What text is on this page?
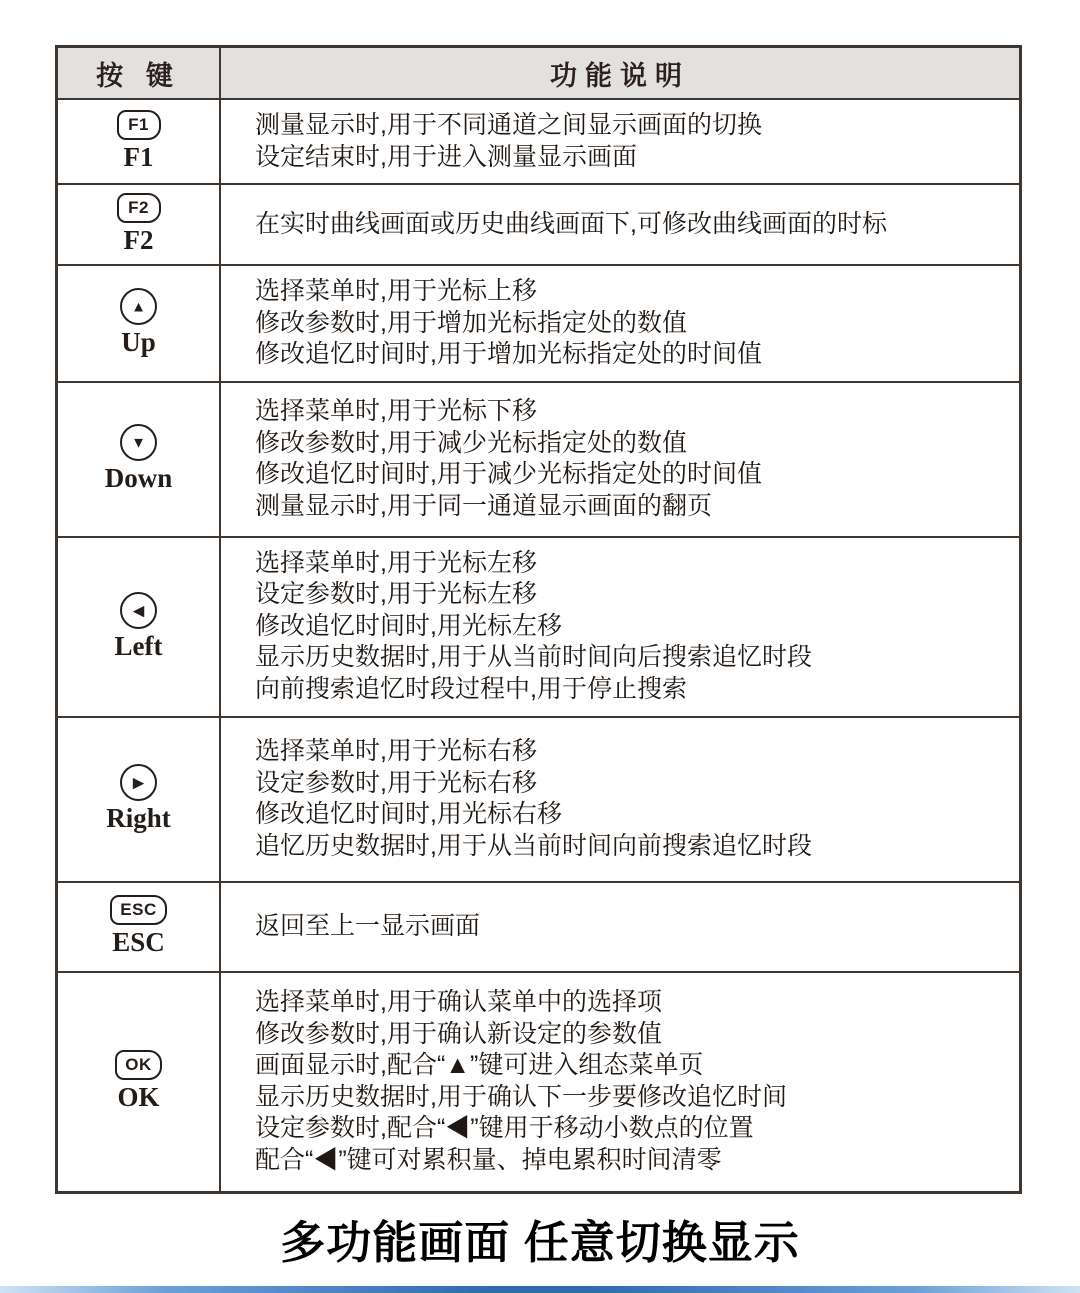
按 键	功能说明
F1
F1
测量显示时,用于不同通道之间显示画面的切换
设定结束时,用于进入测量显示画面
F2
F2
在实时曲线画面或历史曲线画面下,可修改曲线画面的时标
▲
Up
选择菜单时,用于光标上移
修改参数时,用于增加光标指定处的数值
修改追忆时间时,用于增加光标指定处的时间值
▼
Down
选择菜单时,用于光标下移
修改参数时,用于减少光标指定处的数值
修改追忆时间时,用于减少光标指定处的时间值
测量显示时,用于同一通道显示画面的翻页
◀
Left
选择菜单时,用于光标左移
设定参数时,用于光标左移
修改追忆时间时,用光标左移
显示历史数据时,用于从当前时间向后搜索追忆时段
向前搜索追忆时段过程中,用于停止搜索
▶
Right
选择菜单时,用于光标右移
设定参数时,用于光标右移
修改追忆时间时,用光标右移
追忆历史数据时,用于从当前时间向前搜索追忆时段
ESC
ESC
返回至上一显示画面
OK
OK
选择菜单时,用于确认菜单中的选择项
修改参数时,用于确认新设定的参数值
画面显示时,配合“▲”键可进入组态菜单页
显示历史数据时,用于确认下一步要修改追忆时间
设定参数时,配合“◀”键用于移动小数点的位置
配合“◀”键可对累积量、掉电累积时间清零
多功能画面 任意切换显示
